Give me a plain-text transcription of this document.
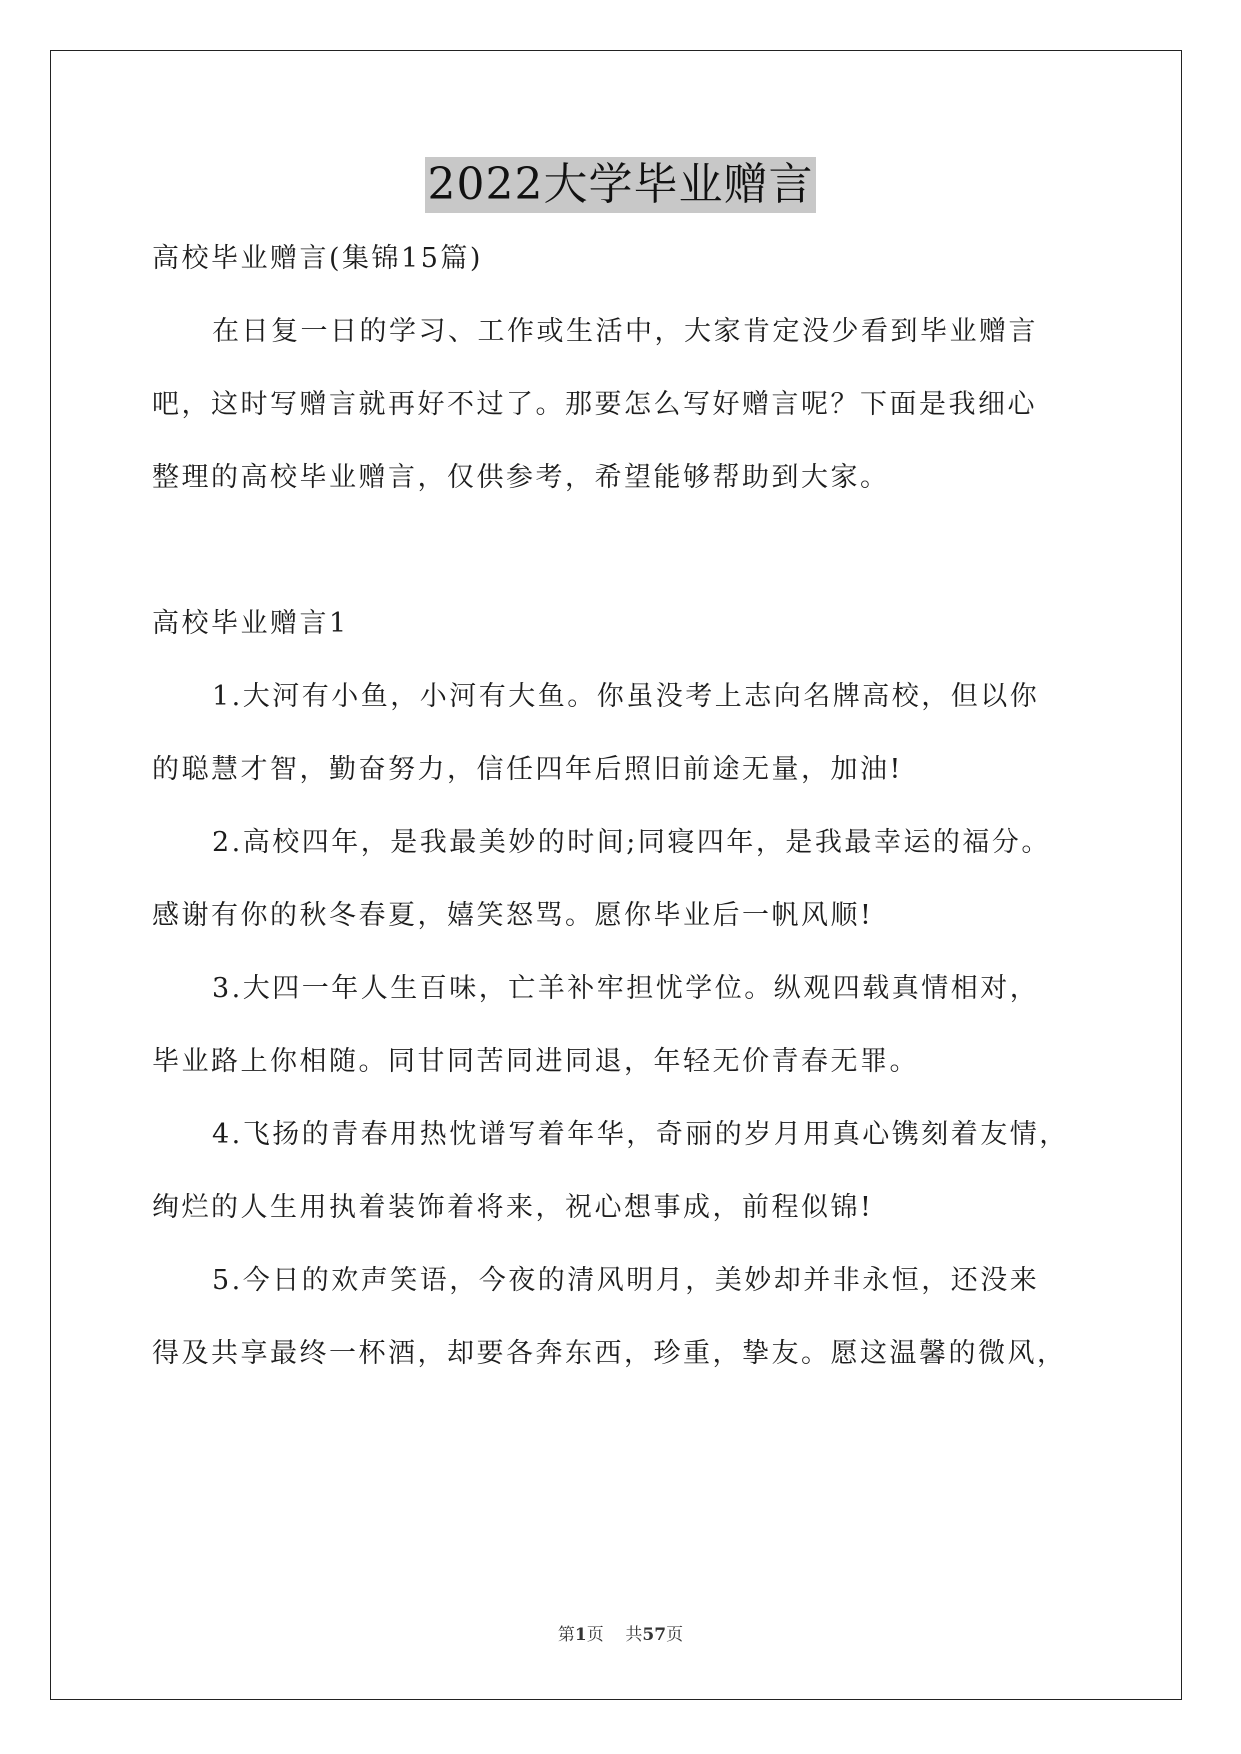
2022大学毕业赠言
高校毕业赠言(集锦15篇)
在日复一日的学习、工作或生活中，大家肯定没少看到毕业赠言
吧，这时写赠言就再好不过了。那要怎么写好赠言呢？下面是我细心
整理的高校毕业赠言，仅供参考，希望能够帮助到大家。
高校毕业赠言1
1.大河有小鱼，小河有大鱼。你虽没考上志向名牌高校，但以你
的聪慧才智，勤奋努力，信任四年后照旧前途无量，加油!
2.高校四年，是我最美妙的时间;同寝四年，是我最幸运的福分。
感谢有你的秋冬春夏，嬉笑怒骂。愿你毕业后一帆风顺!
3.大四一年人生百味，亡羊补牢担忧学位。纵观四载真情相对，
毕业路上你相随。同甘同苦同进同退，年轻无价青春无罪。
4.飞扬的青春用热忱谱写着年华，奇丽的岁月用真心镌刻着友情，
绚烂的人生用执着装饰着将来，祝心想事成，前程似锦!
5.今日的欢声笑语，今夜的清风明月，美妙却并非永恒，还没来
得及共享最终一杯酒，却要各奔东西，珍重，挚友。愿这温馨的微风，
第1页 共57页
